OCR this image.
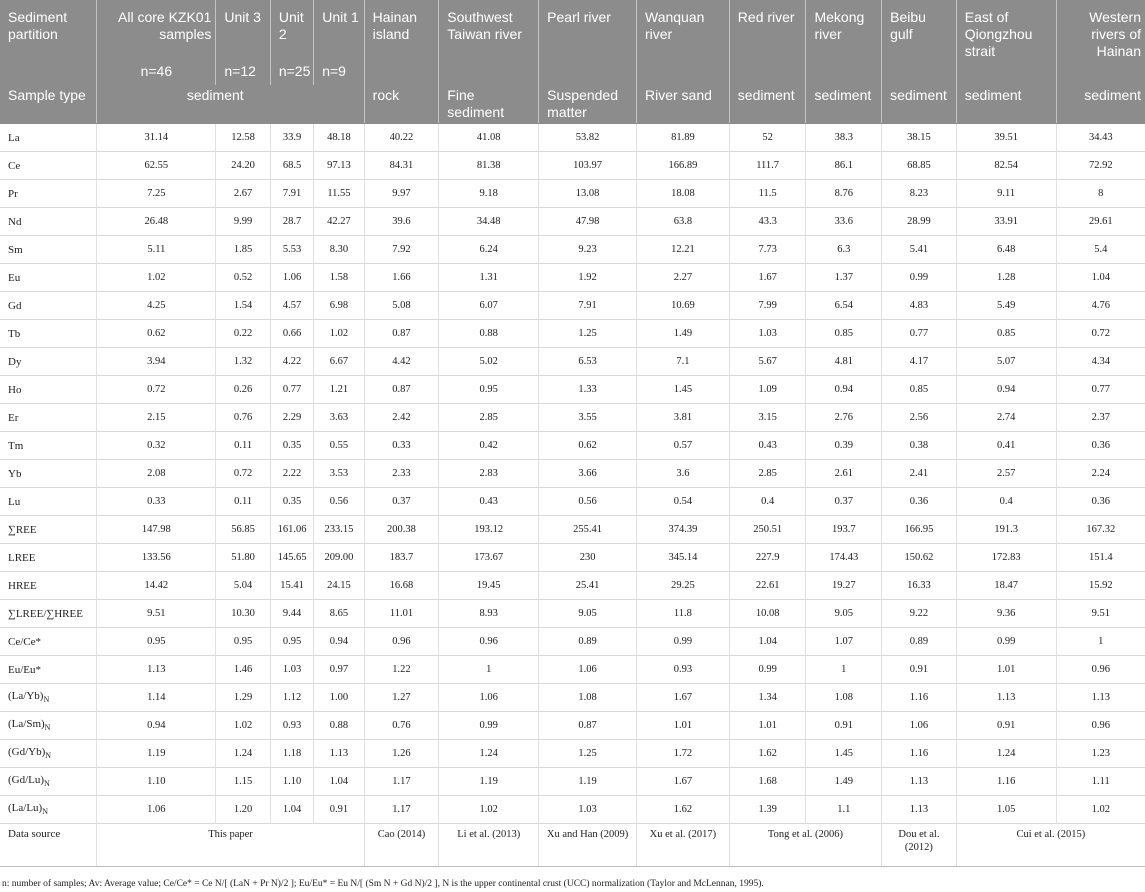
Sediment partition	All core KZK01 samples	Unit 3	Unit 2	Unit 1	Hainan island	Southwest Taiwan river	Pearl river	Wanquan river	Red river	Mekong river	Beibu gulf	East of Qiongzhou strait	Western rivers of Hainan
	n=46	n=12	n=25	n=9									
Sample type	sediment				rock	Fine sediment	Suspended matter	River sand	sediment	sediment	sediment	sediment	sediment
La	31.14	12.58	33.9	48.18	40.22	41.08	53.82	81.89	52	38.3	38.15	39.51	34.43
Ce	62.55	24.20	68.5	97.13	84.31	81.38	103.97	166.89	111.7	86.1	68.85	82.54	72.92
Pr	7.25	2.67	7.91	11.55	9.97	9.18	13.08	18.08	11.5	8.76	8.23	9.11	8
Nd	26.48	9.99	28.7	42.27	39.6	34.48	47.98	63.8	43.3	33.6	28.99	33.91	29.61
Sm	5.11	1.85	5.53	8.30	7.92	6.24	9.23	12.21	7.73	6.3	5.41	6.48	5.4
Eu	1.02	0.52	1.06	1.58	1.66	1.31	1.92	2.27	1.67	1.37	0.99	1.28	1.04
Gd	4.25	1.54	4.57	6.98	5.08	6.07	7.91	10.69	7.99	6.54	4.83	5.49	4.76
Tb	0.62	0.22	0.66	1.02	0.87	0.88	1.25	1.49	1.03	0.85	0.77	0.85	0.72
Dy	3.94	1.32	4.22	6.67	4.42	5.02	6.53	7.1	5.67	4.81	4.17	5.07	4.34
Ho	0.72	0.26	0.77	1.21	0.87	0.95	1.33	1.45	1.09	0.94	0.85	0.94	0.77
Er	2.15	0.76	2.29	3.63	2.42	2.85	3.55	3.81	3.15	2.76	2.56	2.74	2.37
Tm	0.32	0.11	0.35	0.55	0.33	0.42	0.62	0.57	0.43	0.39	0.38	0.41	0.36
Yb	2.08	0.72	2.22	3.53	2.33	2.83	3.66	3.6	2.85	2.61	2.41	2.57	2.24
Lu	0.33	0.11	0.35	0.56	0.37	0.43	0.56	0.54	0.4	0.37	0.36	0.4	0.36
∑REE	147.98	56.85	161.06	233.15	200.38	193.12	255.41	374.39	250.51	193.7	166.95	191.3	167.32
LREE	133.56	51.80	145.65	209.00	183.7	173.67	230	345.14	227.9	174.43	150.62	172.83	151.4
HREE	14.42	5.04	15.41	24.15	16.68	19.45	25.41	29.25	22.61	19.27	16.33	18.47	15.92
∑LREE/∑HREE	9.51	10.30	9.44	8.65	11.01	8.93	9.05	11.8	10.08	9.05	9.22	9.36	9.51
Ce/Ce*	0.95	0.95	0.95	0.94	0.96	0.96	0.89	0.99	1.04	1.07	0.89	0.99	1
Eu/Eu*	1.13	1.46	1.03	0.97	1.22	1	1.06	0.93	0.99	1	0.91	1.01	0.96
$(La/Yb)_N$	1.14	1.29	1.12	1.00	1.27	1.06	1.08	1.67	1.34	1.08	1.16	1.13	1.13
$(La/Sm)_N$	0.94	1.02	0.93	0.88	0.76	0.99	0.87	1.01	1.01	0.91	1.06	0.91	0.96
$(Gd/Yb)_N$	1.19	1.24	1.18	1.13	1.26	1.24	1.25	1.72	1.62	1.45	1.16	1.24	1.23
$(Gd/Lu)_N$	1.10	1.15	1.10	1.04	1.17	1.19	1.19	1.67	1.68	1.49	1.13	1.16	1.11
$(La/Lu)_N$	1.06	1.20	1.04	0.91	1.17	1.02	1.03	1.62	1.39	1.1	1.13	1.05	1.02
Data source	This paper				Cao (2014)	Li et al. (2013)	Xu and Han (2009)	Xu et al. (2017)	Tong et al. (2006)		Dou et al. (2012)	Cui et al. (2015)	
n: number of samples; Av: Average value; Ce/Ce* = Ce N/[ (LaN + Pr N)/2 ]; Eu/Eu* = Eu N/[ (Sm N + Gd N)/2 ], N is the upper continental crust (UCC) normalization (Taylor and McLennan, 1995).
